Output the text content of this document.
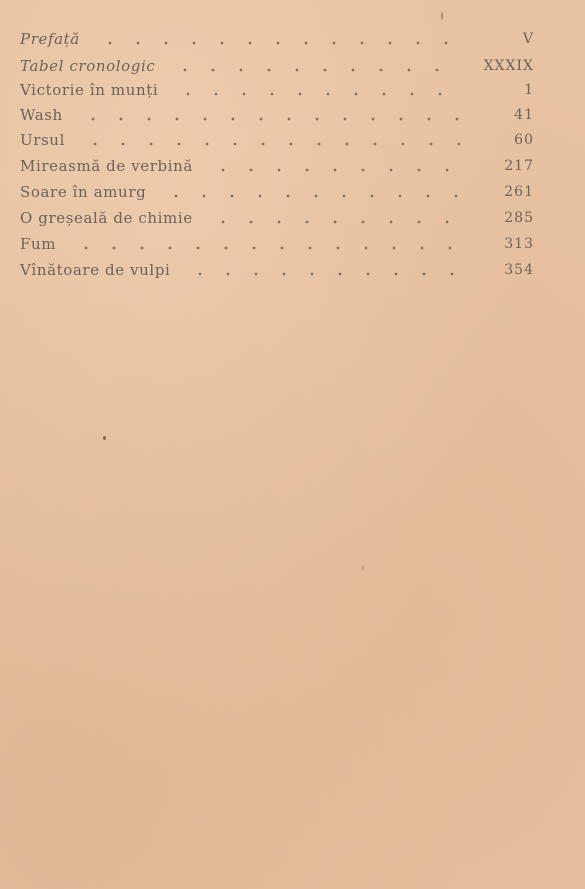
Prefață	V
Tabel cronologic	XXXIX
Victorie în munți	1
Wash	41
Ursul	60
Mireasmă de verbină	217
Soare în amurg	261
O greșeală de chimie	285
Fum	313
Vînătoare de vulpi	354
